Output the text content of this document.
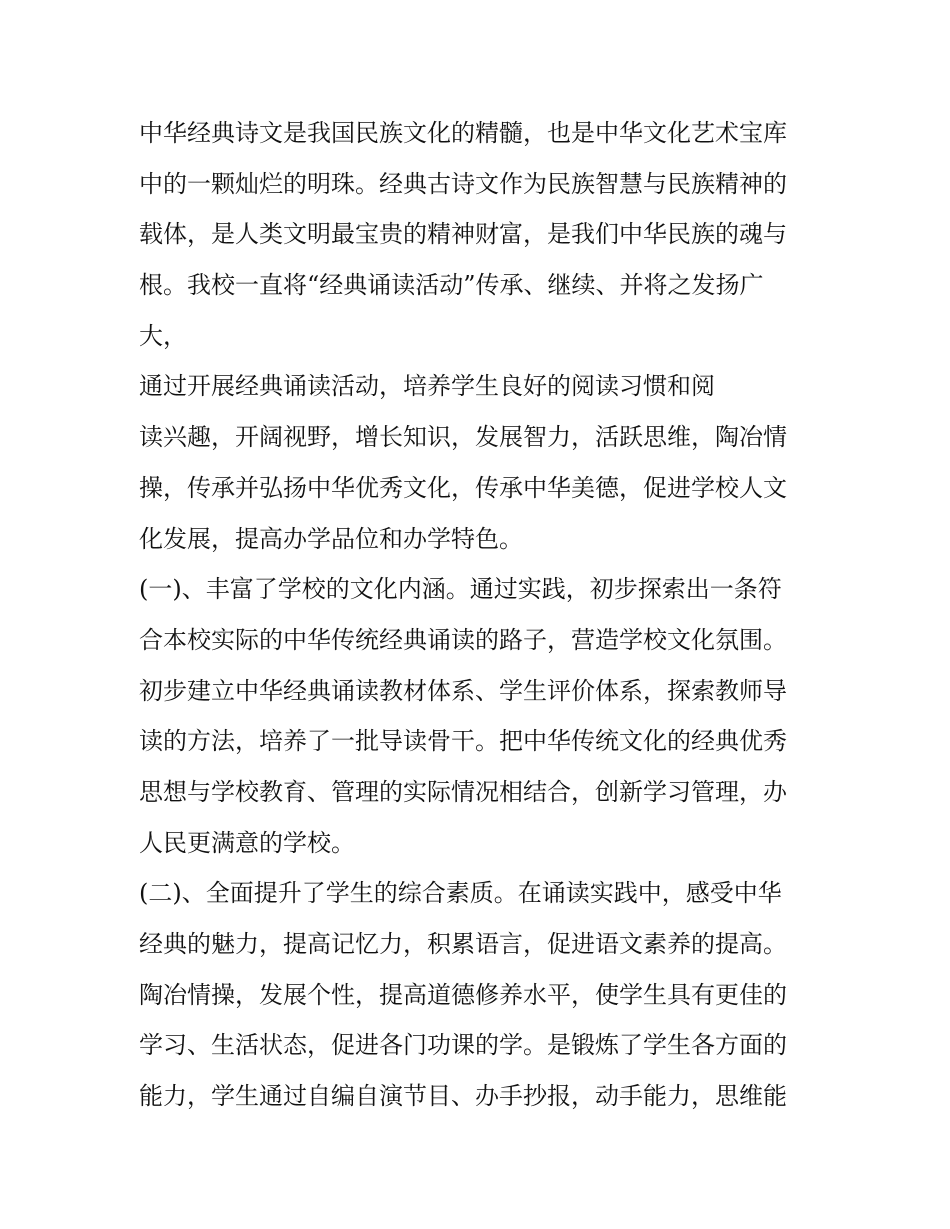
中华经典诗文是我国民族文化的精髓，也是中华文化艺术宝库
中的一颗灿烂的明珠。经典古诗文作为民族智慧与民族精神的
载体，是人类文明最宝贵的精神财富，是我们中华民族的魂与
根。我校一直将“经典诵读活动”传承、继续、并将之发扬广
大，
通过开展经典诵读活动，培养学生良好的阅读习惯和阅
读兴趣，开阔视野，增长知识，发展智力，活跃思维，陶冶情
操，传承并弘扬中华优秀文化，传承中华美德，促进学校人文
化发展，提高办学品位和办学特色。
(一)、丰富了学校的文化内涵。通过实践，初步探索出一条符
合本校实际的中华传统经典诵读的路子，营造学校文化氛围。
初步建立中华经典诵读教材体系、学生评价体系，探索教师导
读的方法，培养了一批导读骨干。把中华传统文化的经典优秀
思想与学校教育、管理的实际情况相结合，创新学习管理，办
人民更满意的学校。
(二)、全面提升了学生的综合素质。在诵读实践中，感受中华
经典的魅力，提高记忆力，积累语言，促进语文素养的提高。
陶冶情操，发展个性，提高道德修养水平，使学生具有更佳的
学习、生活状态，促进各门功课的学。是锻炼了学生各方面的
能力，学生通过自编自演节目、办手抄报，动手能力，思维能
